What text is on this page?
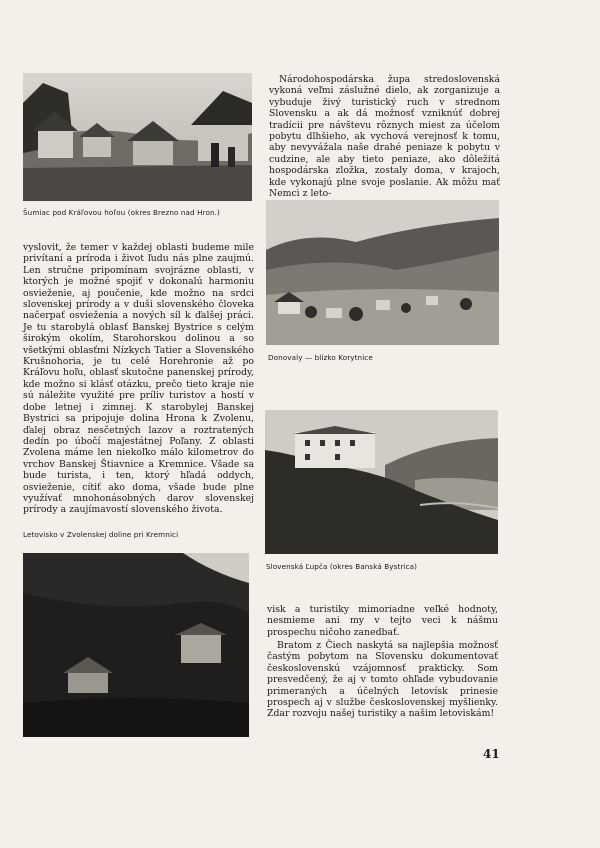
Šumiac pod Kráľovou hoľou (okres Brezno nad Hron.)

Národohospodárska župa stredoslovenská vykoná veľmi záslužné dielo, ak zorganizuje a vybuduje živý turistický ruch v strednom Slovensku a ak dá možnosť vzniknúť dobrej tradícii pre návštevu rôznych miest za účelom pobytu dlhšieho, ak vychová verejnosť k tomu, aby nevyvážala naše drahé peniaze k pobytu v cudzine, ale aby tieto peniaze, ako dôležitá hospodárska zložka, zostaly doma, v krajoch, kde vykonajú plne svoje poslanie. Ak môžu mať Nemci z leto-

Donovaly — blízko Korytnice

vyslovit, že temer v každej oblasti budeme mile privítaní a príroda i život ľudu nás plne zaujmú. Len stručne pripomínam svojrázne oblasti, v ktorých je možné spojiť v dokonalú harmoniu osvieženie, aj poučenie, kde možno na srdci slovenskej prírody a v duši slovenského človeka načerpať osvieženia a nových síl k ďalšej práci. Je tu starobylá oblasť Banskej Bystrice s celým širokým okolím, Starohorskou dolinou a so všetkými oblasťmi Nízkych Tatier a Slovenského Krušnohoria, je tu celé Horehronie až po Kráľovu hoľu, oblasť skutočne panenskej prírody, kde možno si klásť otázku, prečo tieto kraje nie sú náležite využité pre príliv turistov a hostí v dobe letnej i zimnej. K starobylej Banskej Bystrici sa pripojuje dolina Hrona k Zvolenu, ďalej obraz nesčetných lazov a roztratených dedín po úbočí majestátnej Poľany. Z oblasti Zvolena máme len niekoľko málo kilometrov do vrchov Banskej Štiavnice a Kremnice. Všade sa bude turista, i ten, ktorý hľadá oddych, osvieženie, cítiť ako doma, všade bude plne využívať mnohonásobných darov slovenskej prírody a zaujímavostí slovenského života.

Slovenská Ľupča (okres Banská Bystrica)

Letovisko v Zvolenskej doline pri Kremnici

visk a turistiky mimoriadne veľké hodnoty, nesmieme ani my v tejto veci k nášmu prospechu ničoho zanedbať.

Bratom z Čiech naskytá sa najlepšia možnosť častým pobytom na Slovensku dokumentovať československú vzájomnosť prakticky. Som presvedčený, že aj v tomto ohľade vybudovanie primeraných a účelných letovísk prinesie prospech aj v službe československej myšlienky. Zdar rozvoju našej turistiky a našim letoviskám!

41
